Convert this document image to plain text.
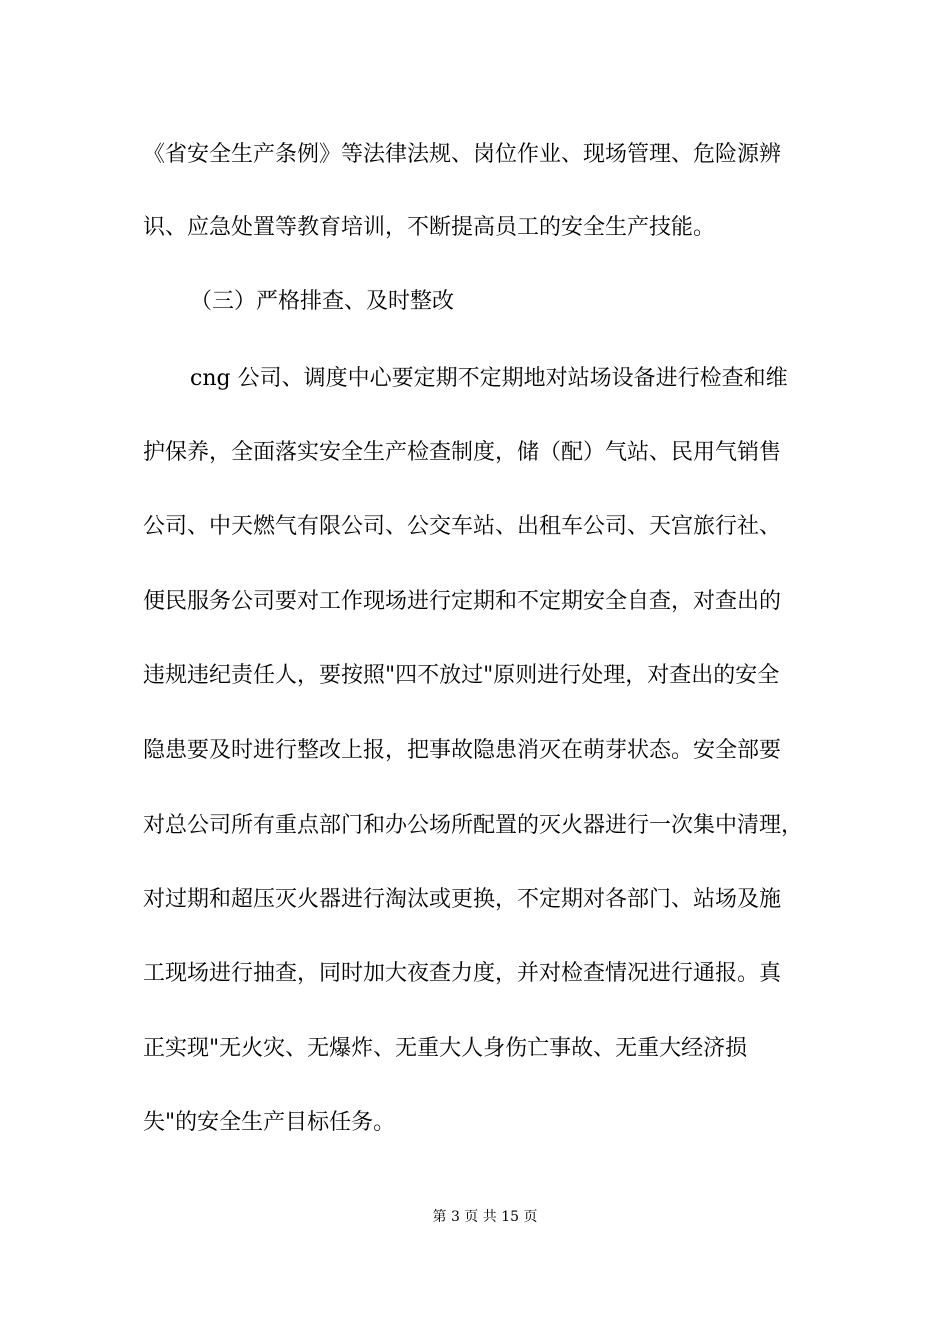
《省安全生产条例》等法律法规、岗位作业、现场管理、危险源辨
识、应急处置等教育培训，不断提高员工的安全生产技能。
（三）严格排查、及时整改
cng 公司、调度中心要定期不定期地对站场设备进行检查和维
护保养，全面落实安全生产检查制度，储（配）气站、民用气销售
公司、中天燃气有限公司、公交车站、出租车公司、天宫旅行社、
便民服务公司要对工作现场进行定期和不定期安全自查，对查出的
违规违纪责任人，要按照"四不放过"原则进行处理，对查出的安全
隐患要及时进行整改上报，把事故隐患消灭在萌芽状态。安全部要
对总公司所有重点部门和办公场所配置的灭火器进行一次集中清理，
对过期和超压灭火器进行淘汰或更换，不定期对各部门、站场及施
工现场进行抽查，同时加大夜查力度，并对检查情况进行通报。真
正实现"无火灾、无爆炸、无重大人身伤亡事故、无重大经济损
失"的安全生产目标任务。
第 3 页 共 15 页
